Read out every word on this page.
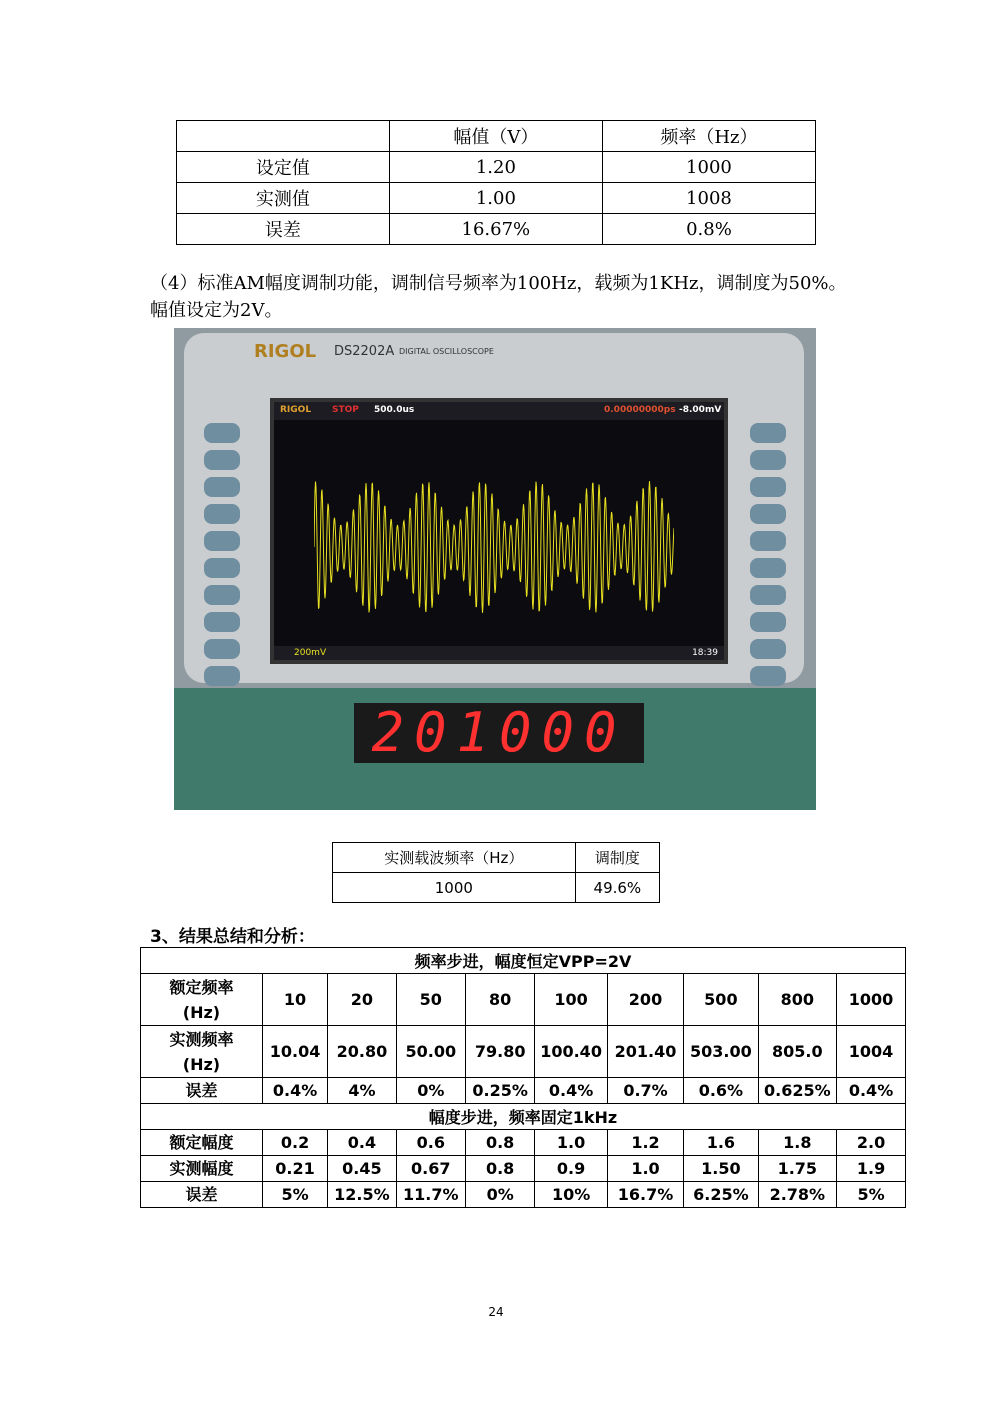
	幅值（V）	频率（Hz）
设定值	1.20	1000
实测值	1.00	1008
误差	16.67%	0.8%
（4）标准AM幅度调制功能，调制信号频率为100Hz，载频为1KHz，调制度为50%。幅值设定为2V。
RIGOL DS2202A DIGITAL OSCILLOSCOPE
RIGOL STOP 500.0us	0.00000000ps -8.00mV
200mV	18:39
201000
实测载波频率（Hz）	调制度
1000	49.6%
3、结果总结和分析：
频率步进，幅度恒定VPP=2V									
额定频率
(Hz)	10	20	50	80	100	200	500	800	1000
实测频率
(Hz)	10.04	20.80	50.00	79.80	100.40	201.40	503.00	805.0	1004
误差	0.4%	4%	0%	0.25%	0.4%	0.7%	0.6%	0.625%	0.4%
幅度步进，频率固定1kHz									
额定幅度	0.2	0.4	0.6	0.8	1.0	1.2	1.6	1.8	2.0
实测幅度	0.21	0.45	0.67	0.8	0.9	1.0	1.50	1.75	1.9
误差	5%	12.5%	11.7%	0%	10%	16.7%	6.25%	2.78%	5%
24
